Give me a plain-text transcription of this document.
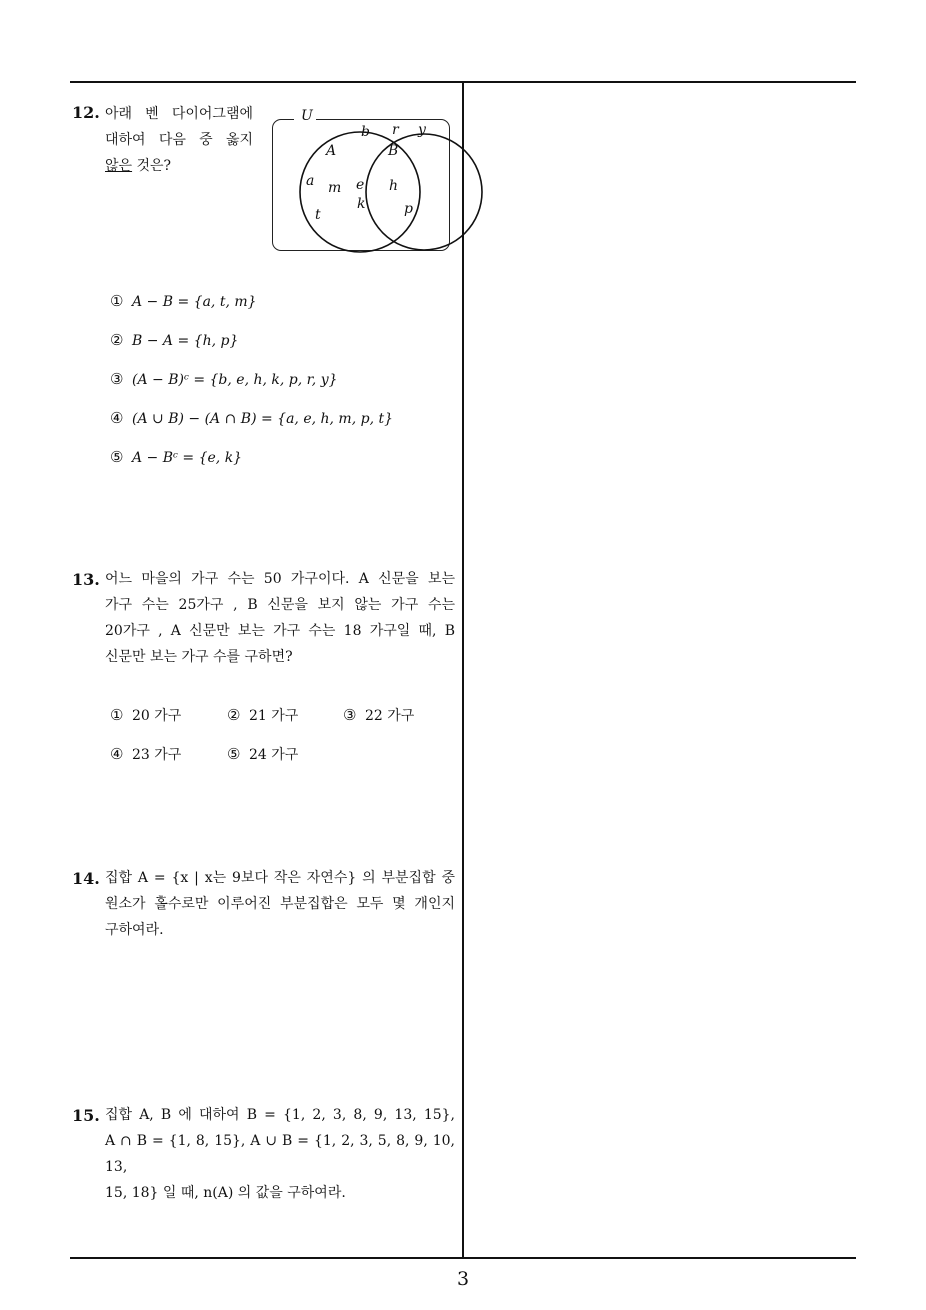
12. 아래 벤 다이어그램에

대하여 다음 중 옳지

않은 것은?

U
b r y
A	B
a m
t
e
k
h
p
① A − B = {a, t, m}
② B − A = {h, p}
③ (A − B)ᶜ = {b, e, h, k, p, r, y}
④ (A ∪ B) − (A ∩ B) = {a, e, h, m, p, t}
⑤ A − Bᶜ = {e, k}
13. 어느 마을의 가구 수는 50 가구이다. A 신문을 보는

가구 수는 25가구 , B 신문을 보지 않는 가구 수는

20가구 , A 신문만 보는 가구 수는 18 가구일 때, B

신문만 보는 가구 수를 구하면?

① 20 가구	② 21 가구	③ 22 가구
④ 23 가구	⑤ 24 가구
14. 집합 A = {x | x는 9보다 작은 자연수} 의 부분집합 중

원소가 홀수로만 이루어진 부분집합은 모두 몇 개인지

구하여라.

15. 집합 A, B 에 대하여 B = {1, 2, 3, 8, 9, 13, 15},

A ∩ B = {1, 8, 15}, A ∪ B = {1, 2, 3, 5, 8, 9, 10, 13,

15, 18} 일 때, n(A) 의 값을 구하여라.

3
